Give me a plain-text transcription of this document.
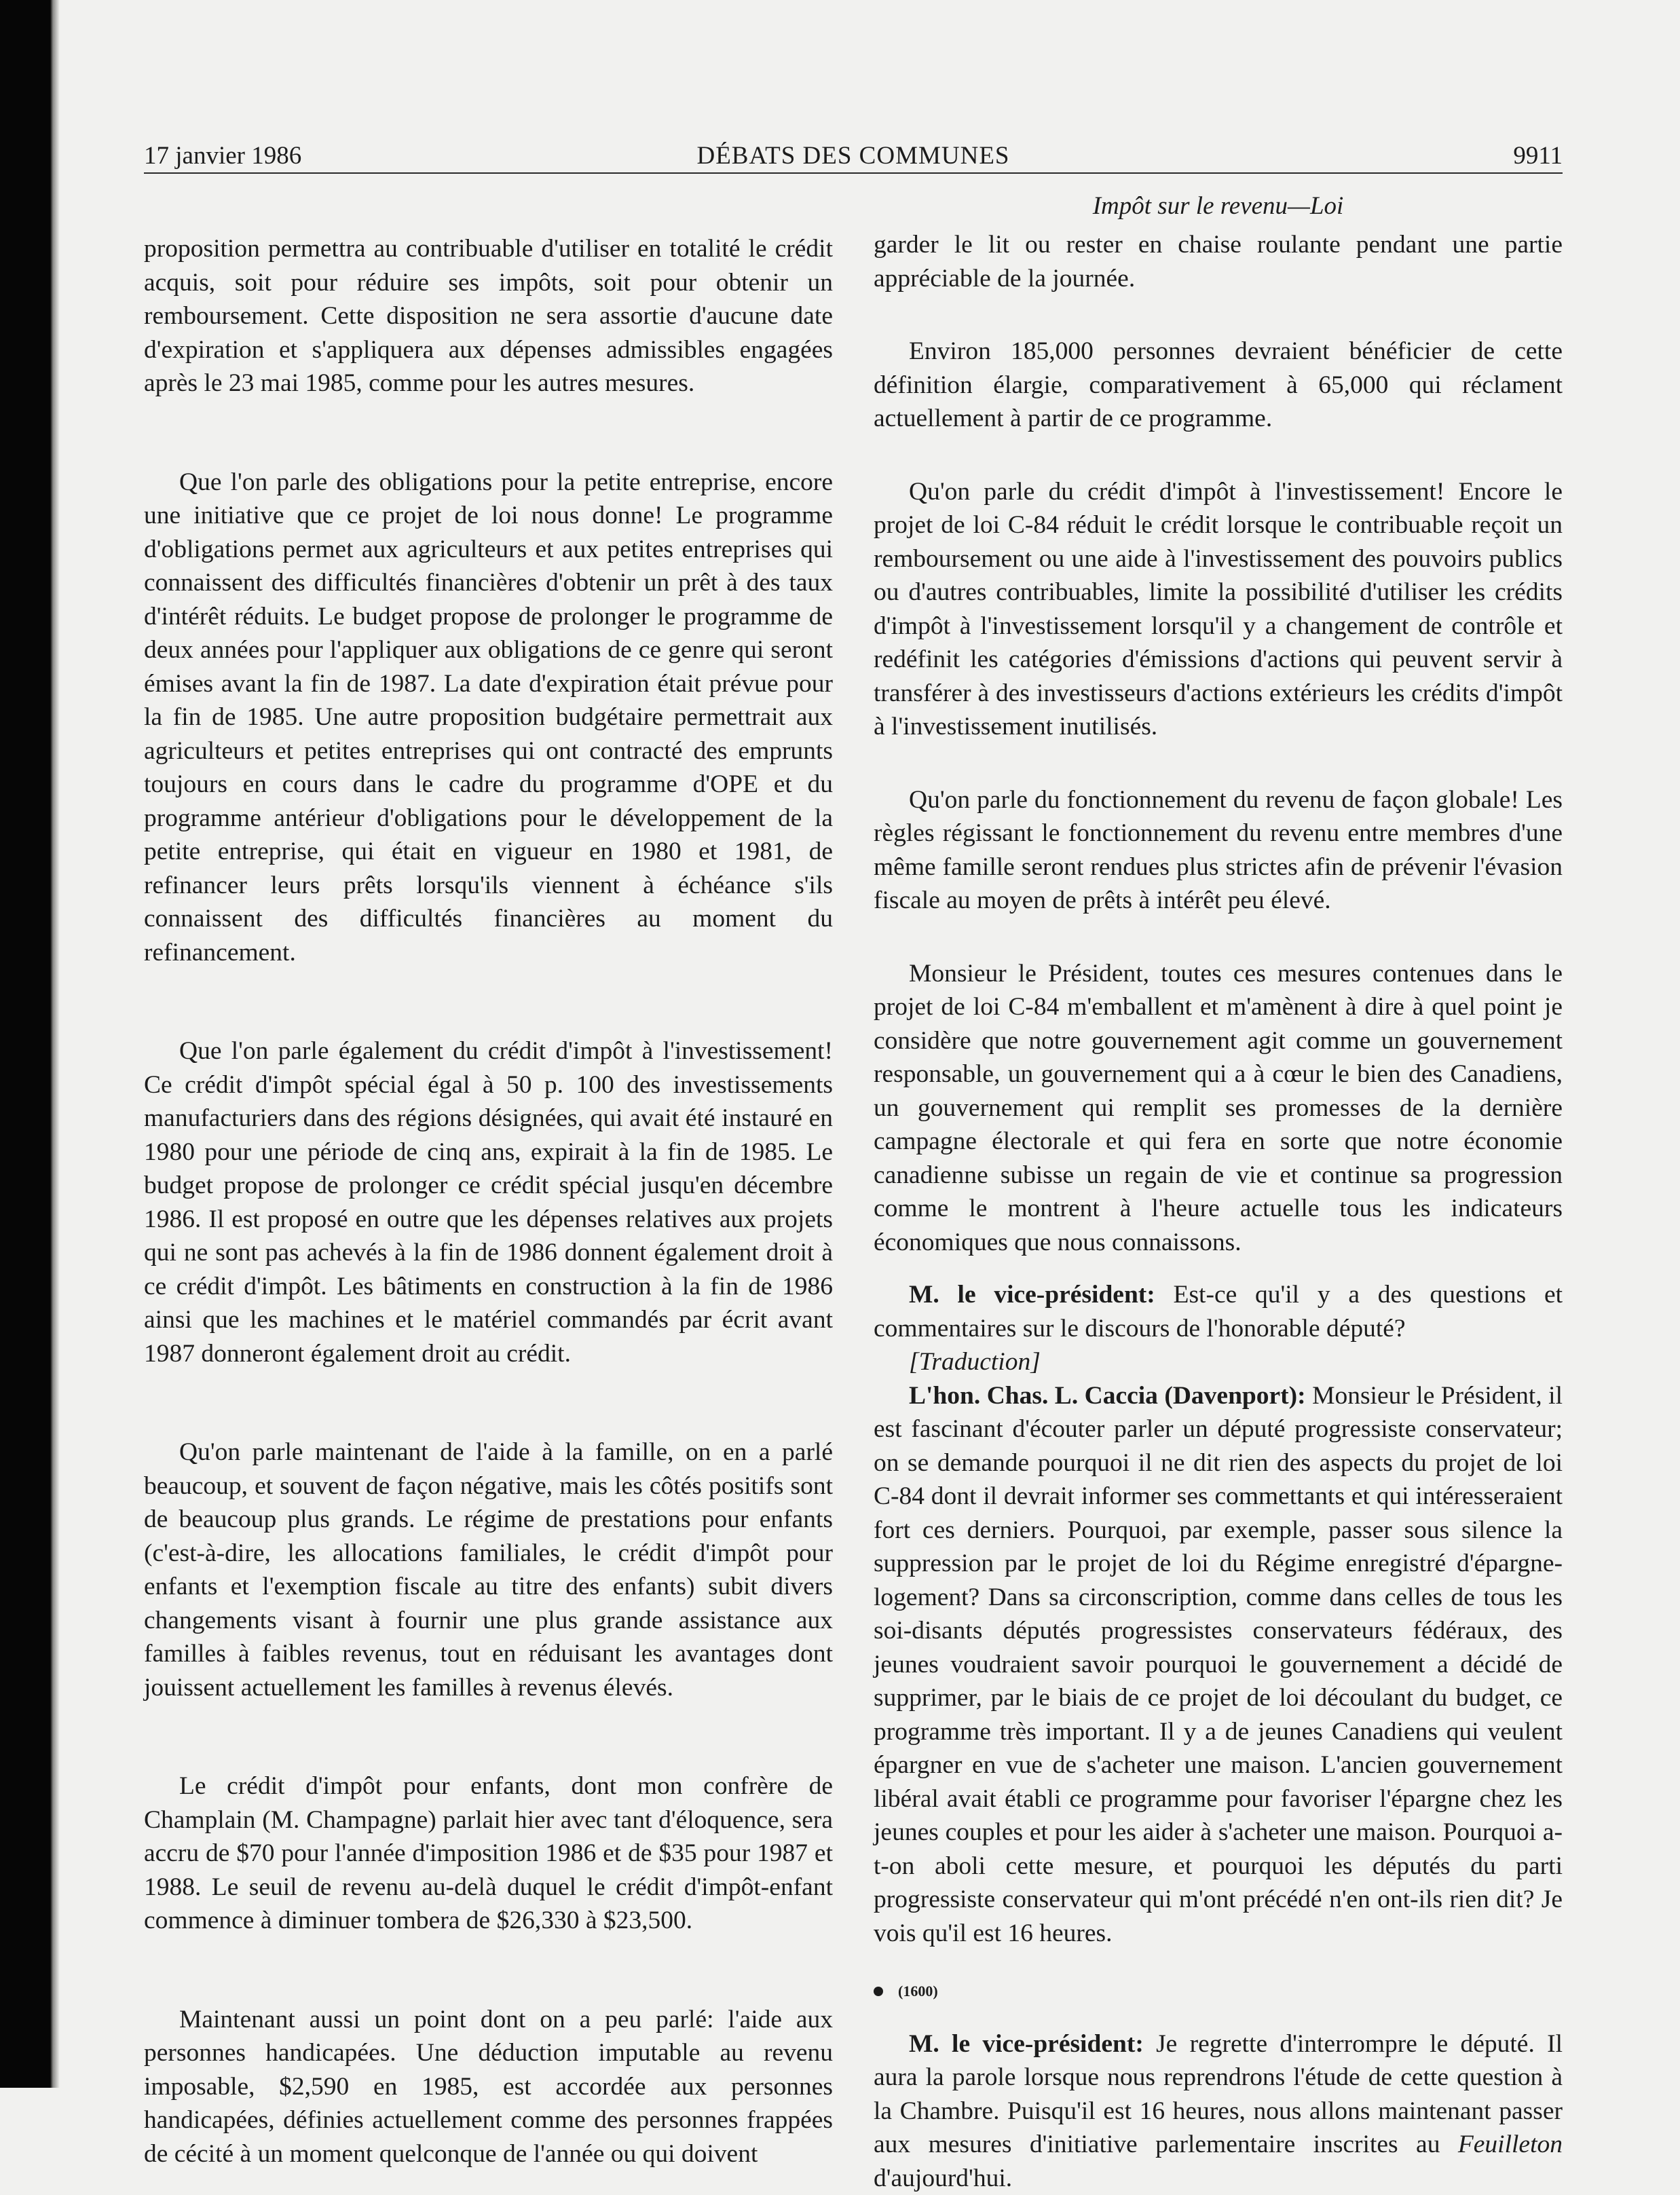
17 janvier 1986	DÉBATS DES COMMUNES	9911
Impôt sur le revenu—Loi

proposition permettra au contribuable d'utiliser en totalité le crédit acquis, soit pour réduire ses impôts, soit pour obtenir un remboursement. Cette disposition ne sera assortie d'aucune date d'expiration et s'appliquera aux dépenses admissibles engagées après le 23 mai 1985, comme pour les autres mesures.

Que l'on parle des obligations pour la petite entreprise, encore une initiative que ce projet de loi nous donne! Le programme d'obligations permet aux agriculteurs et aux petites entreprises qui connaissent des difficultés financières d'obtenir un prêt à des taux d'intérêt réduits. Le budget propose de prolonger le programme de deux années pour l'appliquer aux obligations de ce genre qui seront émises avant la fin de 1987. La date d'expiration était prévue pour la fin de 1985. Une autre proposition budgétaire permettrait aux agriculteurs et petites entreprises qui ont contracté des emprunts toujours en cours dans le cadre du programme d'OPE et du programme antérieur d'obligations pour le développement de la petite entreprise, qui était en vigueur en 1980 et 1981, de refinancer leurs prêts lorsqu'ils viennent à échéance s'ils connaissent des difficultés financières au moment du refinancement.

Que l'on parle également du crédit d'impôt à l'investissement! Ce crédit d'impôt spécial égal à 50 p. 100 des investissements manufacturiers dans des régions désignées, qui avait été instauré en 1980 pour une période de cinq ans, expirait à la fin de 1985. Le budget propose de prolonger ce crédit spécial jusqu'en décembre 1986. Il est proposé en outre que les dépenses relatives aux projets qui ne sont pas achevés à la fin de 1986 donnent également droit à ce crédit d'impôt. Les bâtiments en construction à la fin de 1986 ainsi que les machines et le matériel commandés par écrit avant 1987 donneront également droit au crédit.

Qu'on parle maintenant de l'aide à la famille, on en a parlé beaucoup, et souvent de façon négative, mais les côtés positifs sont de beaucoup plus grands. Le régime de prestations pour enfants (c'est-à-dire, les allocations familiales, le crédit d'impôt pour enfants et l'exemption fiscale au titre des enfants) subit divers changements visant à fournir une plus grande assistance aux familles à faibles revenus, tout en réduisant les avantages dont jouissent actuellement les familles à revenus élevés.

Le crédit d'impôt pour enfants, dont mon confrère de Champlain (M. Champagne) parlait hier avec tant d'éloquence, sera accru de $70 pour l'année d'imposition 1986 et de $35 pour 1987 et 1988. Le seuil de revenu au-delà duquel le crédit d'impôt-enfant commence à diminuer tombera de $26,330 à $23,500.

Maintenant aussi un point dont on a peu parlé: l'aide aux personnes handicapées. Une déduction imputable au revenu imposable, $2,590 en 1985, est accordée aux personnes handicapées, définies actuellement comme des personnes frappées de cécité à un moment quelconque de l'année ou qui doivent

garder le lit ou rester en chaise roulante pendant une partie appréciable de la journée.

Environ 185,000 personnes devraient bénéficier de cette définition élargie, comparativement à 65,000 qui réclament actuellement à partir de ce programme.

Qu'on parle du crédit d'impôt à l'investissement! Encore le projet de loi C-84 réduit le crédit lorsque le contribuable reçoit un remboursement ou une aide à l'investissement des pouvoirs publics ou d'autres contribuables, limite la possibilité d'utiliser les crédits d'impôt à l'investissement lorsqu'il y a changement de contrôle et redéfinit les catégories d'émissions d'actions qui peuvent servir à transférer à des investisseurs d'actions extérieurs les crédits d'impôt à l'investissement inutilisés.

Qu'on parle du fonctionnement du revenu de façon globale! Les règles régissant le fonctionnement du revenu entre membres d'une même famille seront rendues plus strictes afin de prévenir l'évasion fiscale au moyen de prêts à intérêt peu élevé.

Monsieur le Président, toutes ces mesures contenues dans le projet de loi C-84 m'emballent et m'amènent à dire à quel point je considère que notre gouvernement agit comme un gouvernement responsable, un gouvernement qui a à cœur le bien des Canadiens, un gouvernement qui remplit ses promesses de la dernière campagne électorale et qui fera en sorte que notre économie canadienne subisse un regain de vie et continue sa progression comme le montrent à l'heure actuelle tous les indicateurs économiques que nous connaissons.

M. le vice-président: Est-ce qu'il y a des questions et commentaires sur le discours de l'honorable député?

[Traduction]

L'hon. Chas. L. Caccia (Davenport): Monsieur le Président, il est fascinant d'écouter parler un député progressiste conservateur; on se demande pourquoi il ne dit rien des aspects du projet de loi C-84 dont il devrait informer ses commettants et qui intéresseraient fort ces derniers. Pourquoi, par exemple, passer sous silence la suppression par le projet de loi du Régime enregistré d'épargne-logement? Dans sa circonscription, comme dans celles de tous les soi-disants députés progressistes conservateurs fédéraux, des jeunes voudraient savoir pourquoi le gouvernement a décidé de supprimer, par le biais de ce projet de loi découlant du budget, ce programme très important. Il y a de jeunes Canadiens qui veulent épargner en vue de s'acheter une maison. L'ancien gouvernement libéral avait établi ce programme pour favoriser l'épargne chez les jeunes couples et pour les aider à s'acheter une maison. Pourquoi a-t-on aboli cette mesure, et pourquoi les députés du parti progressiste conservateur qui m'ont précédé n'en ont-ils rien dit? Je vois qu'il est 16 heures.

(1600)

M. le vice-président: Je regrette d'interrompre le député. Il aura la parole lorsque nous reprendrons l'étude de cette question à la Chambre. Puisqu'il est 16 heures, nous allons maintenant passer aux mesures d'initiative parlementaire inscrites au Feuilleton d'aujourd'hui.
